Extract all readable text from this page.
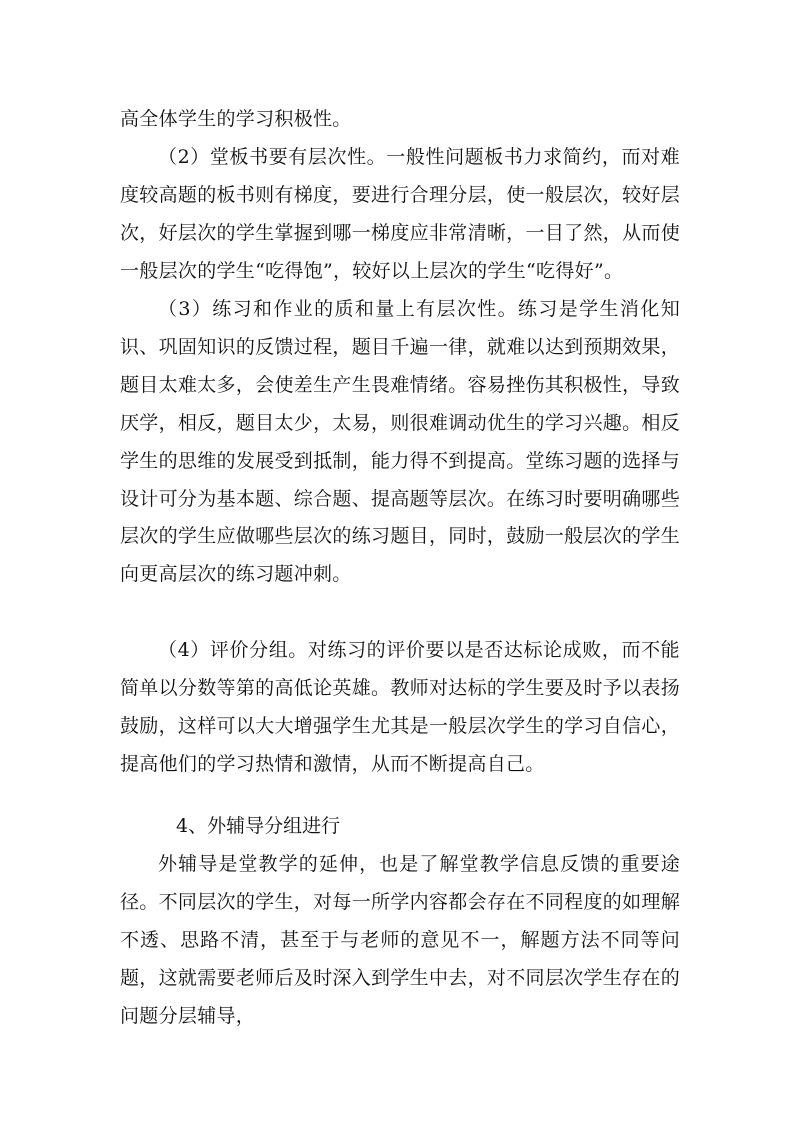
高全体学生的学习积极性。

（2）堂板书要有层次性。一般性问题板书力求简约，而对难度较高题的板书则有梯度，要进行合理分层，使一般层次，较好层次，好层次的学生掌握到哪一梯度应非常清晰，一目了然，从而使一般层次的学生“吃得饱”，较好以上层次的学生“吃得好”。

（3）练习和作业的质和量上有层次性。练习是学生消化知识、巩固知识的反馈过程，题目千遍一律，就难以达到预期效果，题目太难太多，会使差生产生畏难情绪。容易挫伤其积极性，导致厌学，相反，题目太少，太易，则很难调动优生的学习兴趣。相反学生的思维的发展受到抵制，能力得不到提高。堂练习题的选择与设计可分为基本题、综合题、提高题等层次。在练习时要明确哪些层次的学生应做哪些层次的练习题目，同时，鼓励一般层次的学生向更高层次的练习题冲刺。

（4）评价分组。对练习的评价要以是否达标论成败，而不能简单以分数等第的高低论英雄。教师对达标的学生要及时予以表扬鼓励，这样可以大大增强学生尤其是一般层次学生的学习自信心，提高他们的学习热情和激情，从而不断提高自己。

4、外辅导分组进行

外辅导是堂教学的延伸，也是了解堂教学信息反馈的重要途径。不同层次的学生，对每一所学内容都会存在不同程度的如理解不透、思路不清，甚至于与老师的意见不一，解题方法不同等问题，这就需要老师后及时深入到学生中去，对不同层次学生存在的问题分层辅导，
